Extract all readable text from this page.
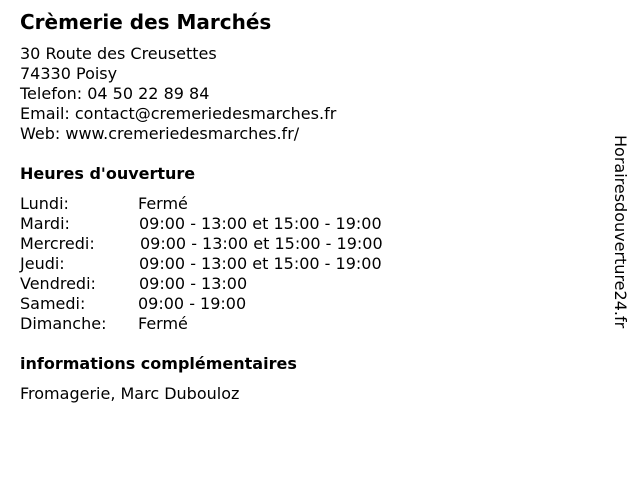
Crèmerie des Marchés
30 Route des Creusettes
74330 Poisy
Telefon: 04 50 22 89 84
Email: contact@cremeriedesmarches.fr
Web: www.cremeriedesmarches.fr/
Heures d'ouverture
Lundi:	Fermé
Mardi:	09:00 - 13:00 et 15:00 - 19:00
Mercredi:	09:00 - 13:00 et 15:00 - 19:00
Jeudi:	09:00 - 13:00 et 15:00 - 19:00
Vendredi:	09:00 - 13:00
Samedi:	09:00 - 19:00
Dimanche: Fermé
informations complémentaires
Fromagerie, Marc Dubouloz
Horairesdouverture24.fr
